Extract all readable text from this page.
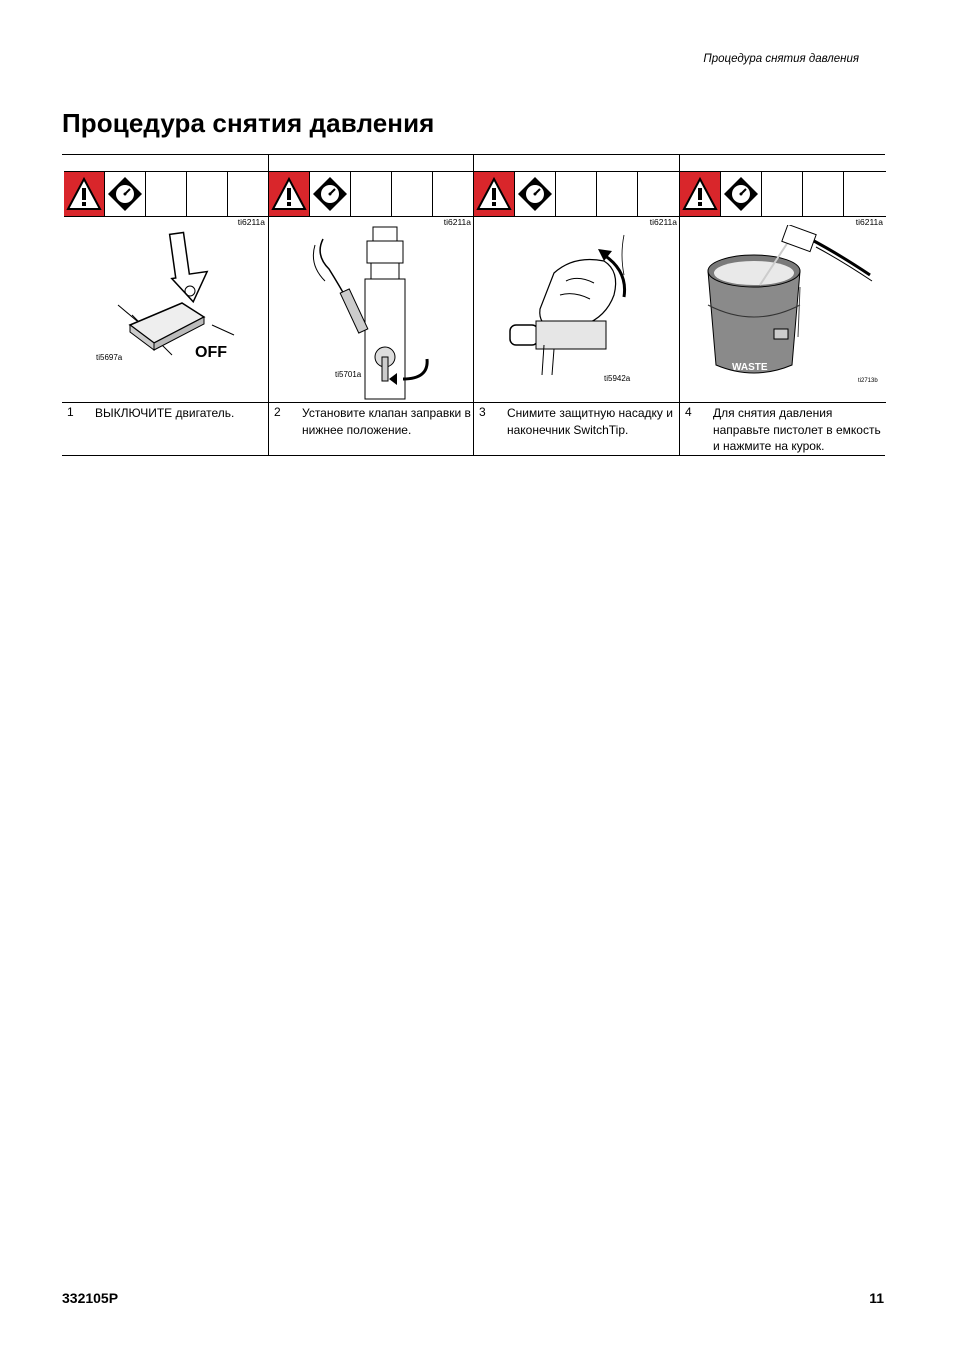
Процедура снятия давления
Процедура снятия давления
ti6211a
ti5697a	OFF
1 ВЫКЛЮЧИТЕ двигатель.
ti6211a
ti5701a
2 Установите клапан заправки в нижнее положение.
ti6211a
ti5942a
3 Снимите защитную насадку и наконечник SwitchTip.
ti6211a
WASTE
ti2713b
4 Для снятия давления направьте пистолет в емкость и нажмите на курок.
332105P	11
